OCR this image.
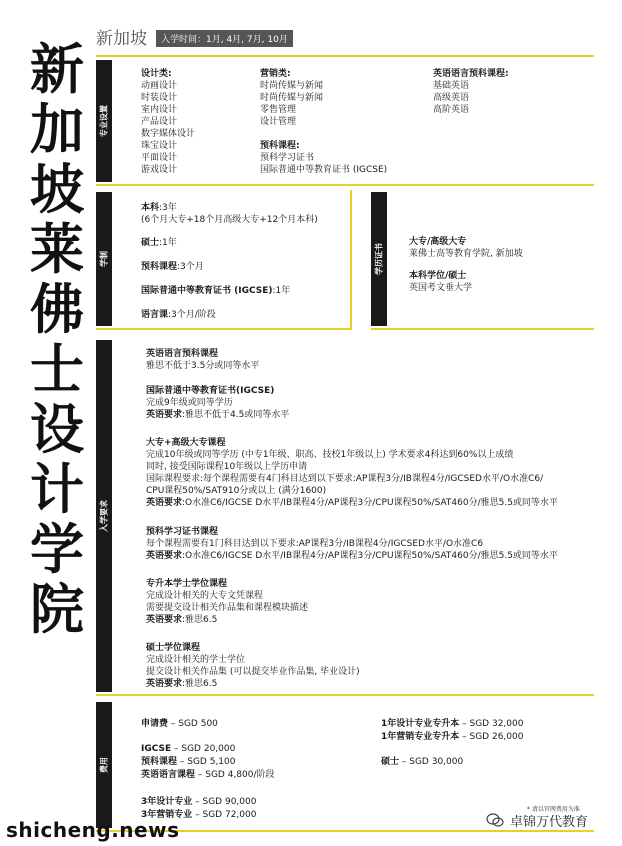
新
加
坡
莱
佛
士
设
计
学
院
新加坡	入学时间：1月, 4月, 7月, 10月
专业设置
设计类:
动画设计
时装设计
室内设计
产品设计
数字媒体设计
珠宝设计
平面设计
游戏设计
营销类:
时尚传媒与新闻
时尚传媒与新闻
零售管理
设计管理
预科课程:
预科学习证书
国际普通中等教育证书 (IGCSE)
英语语言预科课程:
基础英语
高级英语
高阶英语
学制
本科:3年
(6个月大专+18个月高级大专+12个月本科)
硕士:1年
预科课程:3个月
国际普通中等教育证书 (IGCSE):1年
语言课:3个月/阶段
学历证书
大专/高级大专
莱佛士高等教育学院, 新加坡
本科学位/硕士
英国考文垂大学
入学要求
英语语言预科课程
雅思不低于3.5分或同等水平
国际普通中等教育证书(IGCSE)
完成9年级或同等学历
英语要求:雅思不低于4.5或同等水平
大专+高级大专课程
完成10年级或同等学历 (中专1年级、职高、技校1年级以上) 学术要求4科达到60%以上成绩
同时, 接受国际课程10年级以上学历申请
国际课程要求:每个课程需要有4门科目达到以下要求:AP课程3分/IB课程4分/IGCSED水平/O水准C6/
CPU课程50%/SAT910分或以上 (满分1600)
英语要求:O水准C6/IGCSE D水平/IB课程4分/AP课程3分/CPU课程50%/SAT460分/雅思5.5或同等水平
预科学习证书课程
每个课程需要有1门科目达到以下要求:AP课程3分/IB课程4分/IGCSED水平/O水准C6
英语要求:O水准C6/IGCSE D水平/IB课程4分/AP课程3分/CPU课程50%/SAT460分/雅思5.5或同等水平
专升本学士学位课程
完成设计相关的大专文凭课程
需要提交设计相关作品集和课程模块描述
英语要求:雅思6.5
硕士学位课程
完成设计相关的学士学位
提交设计相关作品集 (可以提交毕业作品集, 毕业设计)
英语要求:雅思6.5
费用
申请费 – SGD 500
IGCSE – SGD 20,000
预科课程 – SGD 5,100
英语语言课程 – SGD 4,800/阶段
3年设计专业 – SGD 90,000
3年营销专业 – SGD 72,000
1年设计专业专升本 – SGD 32,000
1年营销专业专升本 – SGD 26,000
硕士 – SGD 30,000
* 请以官网费用为准
shicheng.news	卓锦万代教育
